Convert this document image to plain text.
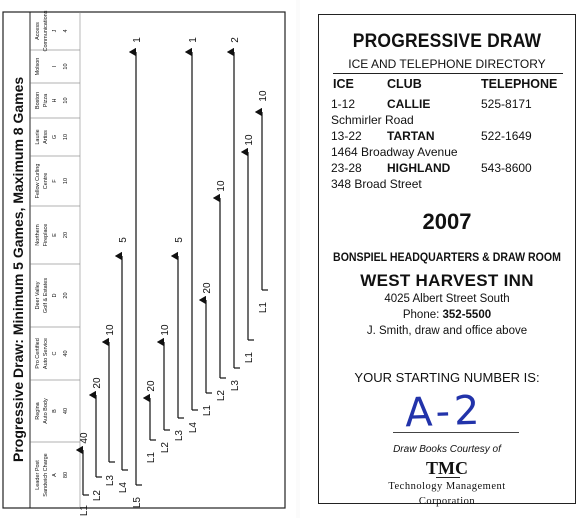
Progressive Draw: Minimum 5 Games, Maximum 8 Games
Leader Post Sandwich Charge A 80
Regina Auto Body B 40
Pro Certified Auto Service C 40
Deer Valley Golf & Estates D 20
Northern Fireplace E 20
Fellow Curling Centre F 10
Laurie Artiss G 10
Boston Pizza H 10
Molson I 10
Access Communications J 4
L1
40
L2
20
L3
10
L4
5
L5
1
L1
20
L2
10
L3
5
L4
1
L1
20
L2
10
L3
2
L1
10
L1
10
PROGRESSIVE DRAW
ICE AND TELEPHONE DIRECTORY
ICE	CLUB	TELEPHONE
1-12	CALLIE	525-8171
Schmirler Road
13-22 TARTAN	522-1649
1464 Broadway Avenue
23-28 HIGHLAND	543-8600
348 Broad Street
2007
BONSPIEL HEADQUARTERS & DRAW ROOM
WEST HARVEST INN
4025 Albert Street South
Phone: 352-5500
J. Smith, draw and office above
YOUR STARTING NUMBER IS:
A-2
Draw Books Courtesy of
TMC
Technology Management
Corporation
